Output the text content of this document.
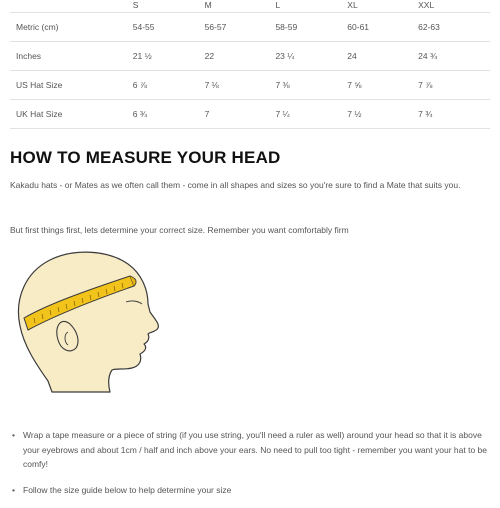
	S	M	L	XL	XXL
Metric (cm)	54-55	56-57	58-59	60-61	62-63
Inches	21 ½	22	23 ¼	24	24 ¾
US Hat Size	6 ⅞	7 ⅛	7 ⅜	7 ⅝	7 ⅞
UK Hat Size	6 ¾	7	7 ¼	7 ½	7 ¾
HOW TO MEASURE YOUR HEAD

Kakadu hats - or Mates as we often call them - come in all shapes and sizes so you're sure to find a Mate that suits you.

But first things first, lets determine your correct size. Remember you want comfortably firm

• Wrap a tape measure or a piece of string (if you use string, you'll need a ruler as well) around your head so that it is above your eyebrows and about 1cm / half and inch above your ears. No need to pull too tight - remember you want your hat to be comfy!
• Follow the size guide below to help determine your size
